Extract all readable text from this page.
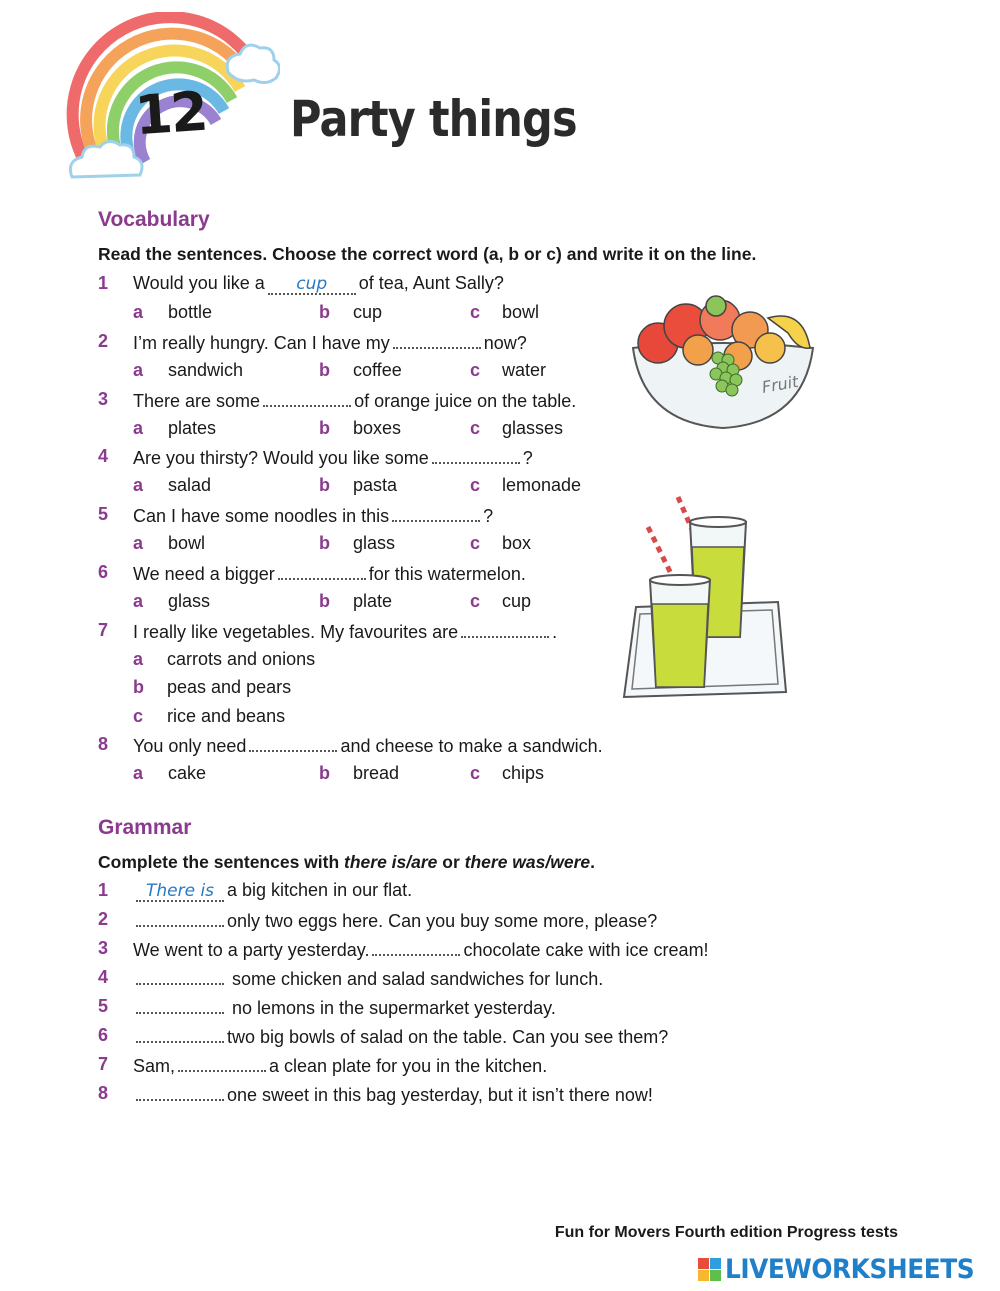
12 Party things
Vocabulary
Read the sentences. Choose the correct word (a, b or c) and write it on the line.
1 Would you like a cup of tea, Aunt Sally?
a bottle	b cup	c bowl
2 I’m really hungry. Can I have my	now?
a sandwich	b coffee	c water
3 There are some	of orange juice on the table.
a plates	b boxes	c glasses
4 Are you thirsty? Would you like some	?
a salad	b pasta	c lemonade
5 Can I have some noodles in this	?
a bowl	b glass	c box
6 We need a bigger	for this watermelon.
a glass	b plate	c cup
7 I really like vegetables. My favourites are	.
a carrots and onions
b peas and pears
c rice and beans
8 You only need	and cheese to make a sandwich.
a cake	b bread	c chips
Fruit
Grammar
Complete the sentences with there is/are or there was/were.
1	There is a big kitchen in our flat.
2	only two eggs here. Can you buy some more, please?
3 We went to a party yesterday.	chocolate cake with ice cream!
4	some chicken and salad sandwiches for lunch.
5	no lemons in the supermarket yesterday.
6	two big bowls of salad on the table. Can you see them?
7 Sam,	a clean plate for you in the kitchen.
8	one sweet in this bag yesterday, but it isn’t there now!
Fun for Movers Fourth edition Progress tests
LIVEWORKSHEETS
